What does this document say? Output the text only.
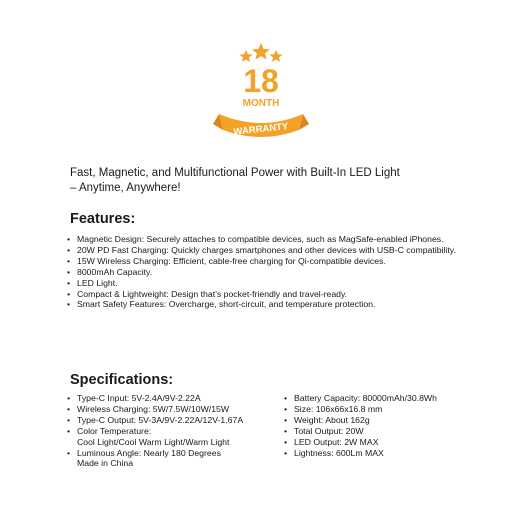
18
MONTH
WARRANTY
Fast, Magnetic, and Multifunctional Power with Built-In LED Light
– Anytime, Anywhere!
Features:
• Magnetic Design: Securely attaches to compatible devices, such as MagSafe-enabled iPhones.
• 20W PD Fast Charging: Quickly charges smartphones and other devices with USB-C compatibility.
• 15W Wireless Charging: Efficient, cable-free charging for Qi-compatible devices.
• 8000mAh Capacity.
• LED Light.
• Compact & Lightweight: Design that’s pocket-friendly and travel-ready.
• Smart Safety Features: Overcharge, short-circuit, and temperature protection.
Specifications:
• Type-C Input: 5V-2.4A/9V-2.22A
• Wireless Charging: 5W/7.5W/10W/15W
• Type-C Output: 5V-3A/9V-2.22A/12V-1.67A
• Color Temperature:
Cool Light/Cool Warm Light/Warm Light
• Luminous Angle: Nearly 180 Degrees
Made in China
• Battery Capacity: 80000mAh/30.8Wh
• Size: 106x66x16.8 mm
• Weight: About 162g
• Total Output: 20W
• LED Output: 2W MAX
• Lightness: 600Lm MAX
